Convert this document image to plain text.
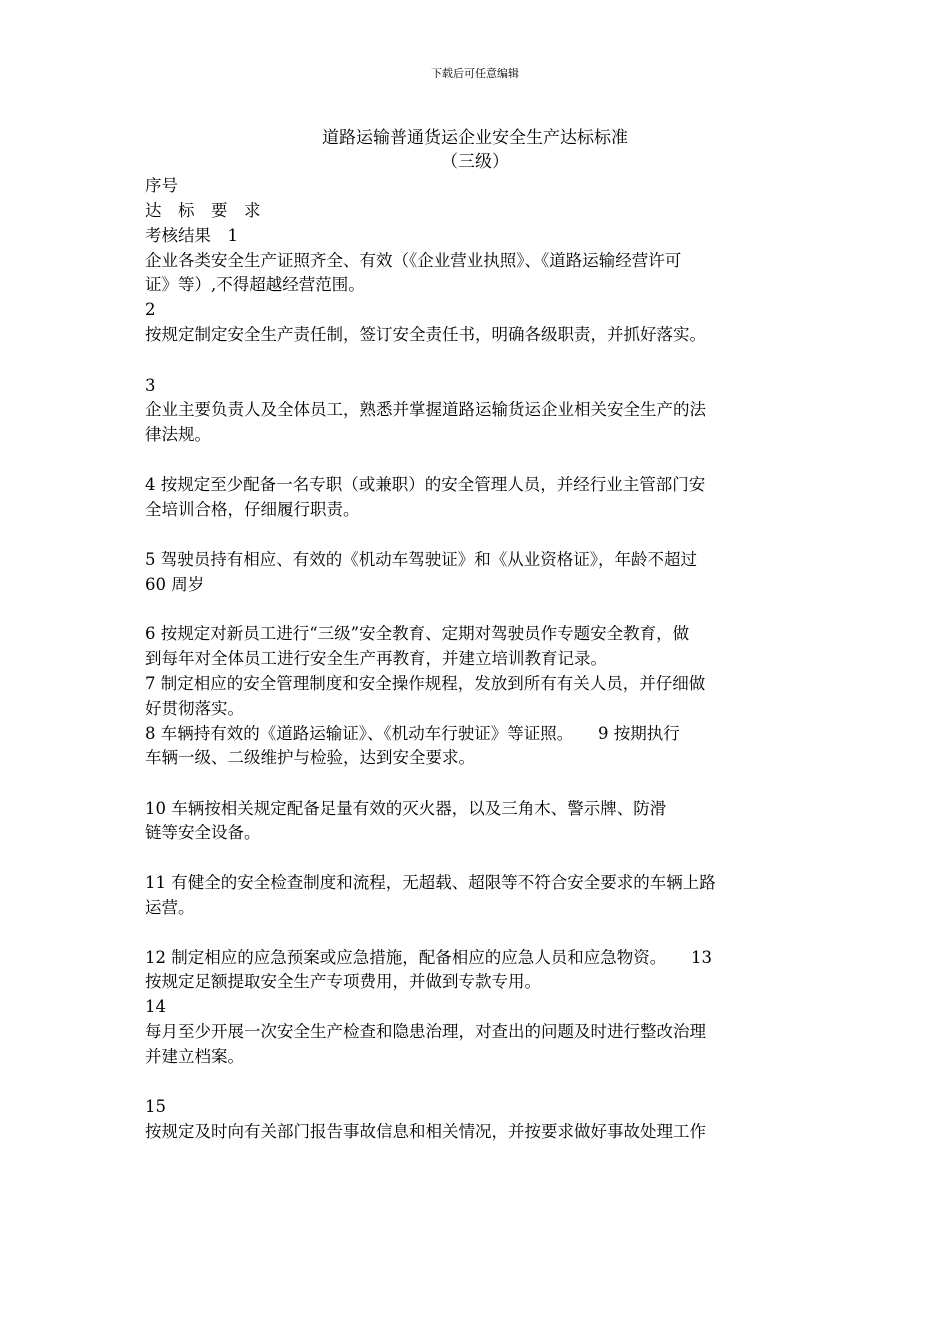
下载后可任意编辑
道路运输普通货运企业安全生产达标标准
（三级）
序号
达　标　要　求
考核结果　1
企业各类安全生产证照齐全、有效（《企业营业执照》、《道路运输经营许可
证》等）,不得超越经营范围。
2
按规定制定安全生产责任制，签订安全责任书，明确各级职责，并抓好落实。
3
企业主要负责人及全体员工，熟悉并掌握道路运输货运企业相关安全生产的法
律法规。
4 按规定至少配备一名专职（或兼职）的安全管理人员，并经行业主管部门安
全培训合格，仔细履行职责。
5 驾驶员持有相应、有效的《机动车驾驶证》和《从业资格证》，年龄不超过
60 周岁
6 按规定对新员工进行“三级”安全教育、定期对驾驶员作专题安全教育，做
到每年对全体员工进行安全生产再教育，并建立培训教育记录。
7 制定相应的安全管理制度和安全操作规程，发放到所有有关人员，并仔细做
好贯彻落实。
8 车辆持有效的《道路运输证》、《机动车行驶证》等证照。　　9 按期执行
车辆一级、二级维护与检验，达到安全要求。
10 车辆按相关规定配备足量有效的灭火器，以及三角木、警示牌、防滑
链等安全设备。
11 有健全的安全检查制度和流程，无超载、超限等不符合安全要求的车辆上路
运营。
12 制定相应的应急预案或应急措施，配备相应的应急人员和应急物资。　　13
按规定足额提取安全生产专项费用，并做到专款专用。
14
每月至少开展一次安全生产检查和隐患治理，对查出的问题及时进行整改治理
并建立档案。
15
按规定及时向有关部门报告事故信息和相关情况，并按要求做好事故处理工作
